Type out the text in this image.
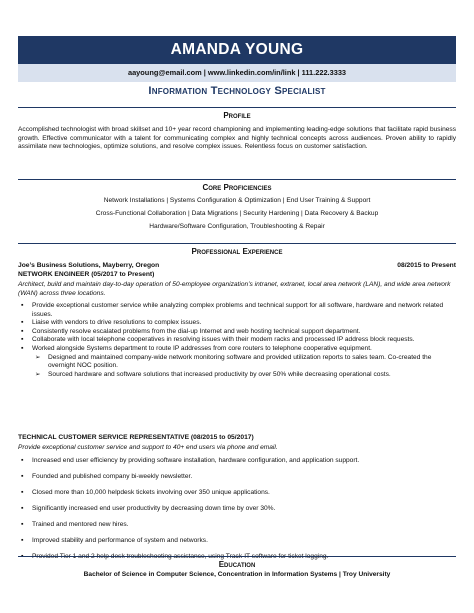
AMANDA YOUNG
aayoung@email.com | www.linkedin.com/in/link | 111.222.3333
Information Technology Specialist
Profile
Accomplished technologist with broad skillset and 10+ year record championing and implementing leading-edge solutions that facilitate rapid business growth. Effective communicator with a talent for communicating complex and highly technical concepts across audiences. Proven ability to rapidly assimilate new technologies, optimize solutions, and resolve complex issues. Relentless focus on customer satisfaction.
Core Proficiencies
Network Installations | Systems Configuration & Optimization | End User Training & Support
Cross-Functional Collaboration | Data Migrations | Security Hardening | Data Recovery & Backup
Hardware/Software Configuration, Troubleshooting & Repair
Professional Experience
Joe’s Business Solutions, Mayberry, Oregon	08/2015 to Present
NETWORK ENGINEER (05/2017 to Present)
Architect, build and maintain day-to-day operation of 50-employee organization’s intranet, extranet, local area network (LAN), and wide area network (WAN) across three locations.
▪ Provide exceptional customer service while analyzing complex problems and technical support for all software, hardware and network related issues.
▪ Liaise with vendors to drive resolutions to complex issues.
▪ Consistently resolve escalated problems from the dial-up Internet and web hosting technical support department.
▪ Collaborate with local telephone cooperatives in resolving issues with their modem racks and processed IP address block requests.
▪ Worked alongside Systems department to route IP addresses from core routers to telephone cooperative equipment.
➢ Designed and maintained company-wide network monitoring software and provided utilization reports to sales team. Co-created the overnight NOC position.
➢ Sourced hardware and software solutions that increased productivity by over 50% while decreasing operational costs.
TECHNICAL CUSTOMER SERVICE REPRESENTATIVE (08/2015 to 05/2017)
Provide exceptional customer service and support to 40+ end users via phone and email.
▪ Increased end user efficiency by providing software installation, hardware configuration, and application support.
▪ Founded and published company bi-weekly newsletter.
▪ Closed more than 10,000 helpdesk tickets involving over 350 unique applications.
▪ Significantly increased end user productivity by decreasing down time by over 30%.
▪ Trained and mentored new hires.
▪ Improved stability and performance of system and networks.
▪ Provided Tier 1 and 2 help desk troubleshooting assistance, using Track-IT software for ticket logging.
Education
Bachelor of Science in Computer Science, Concentration in Information Systems | Troy University
